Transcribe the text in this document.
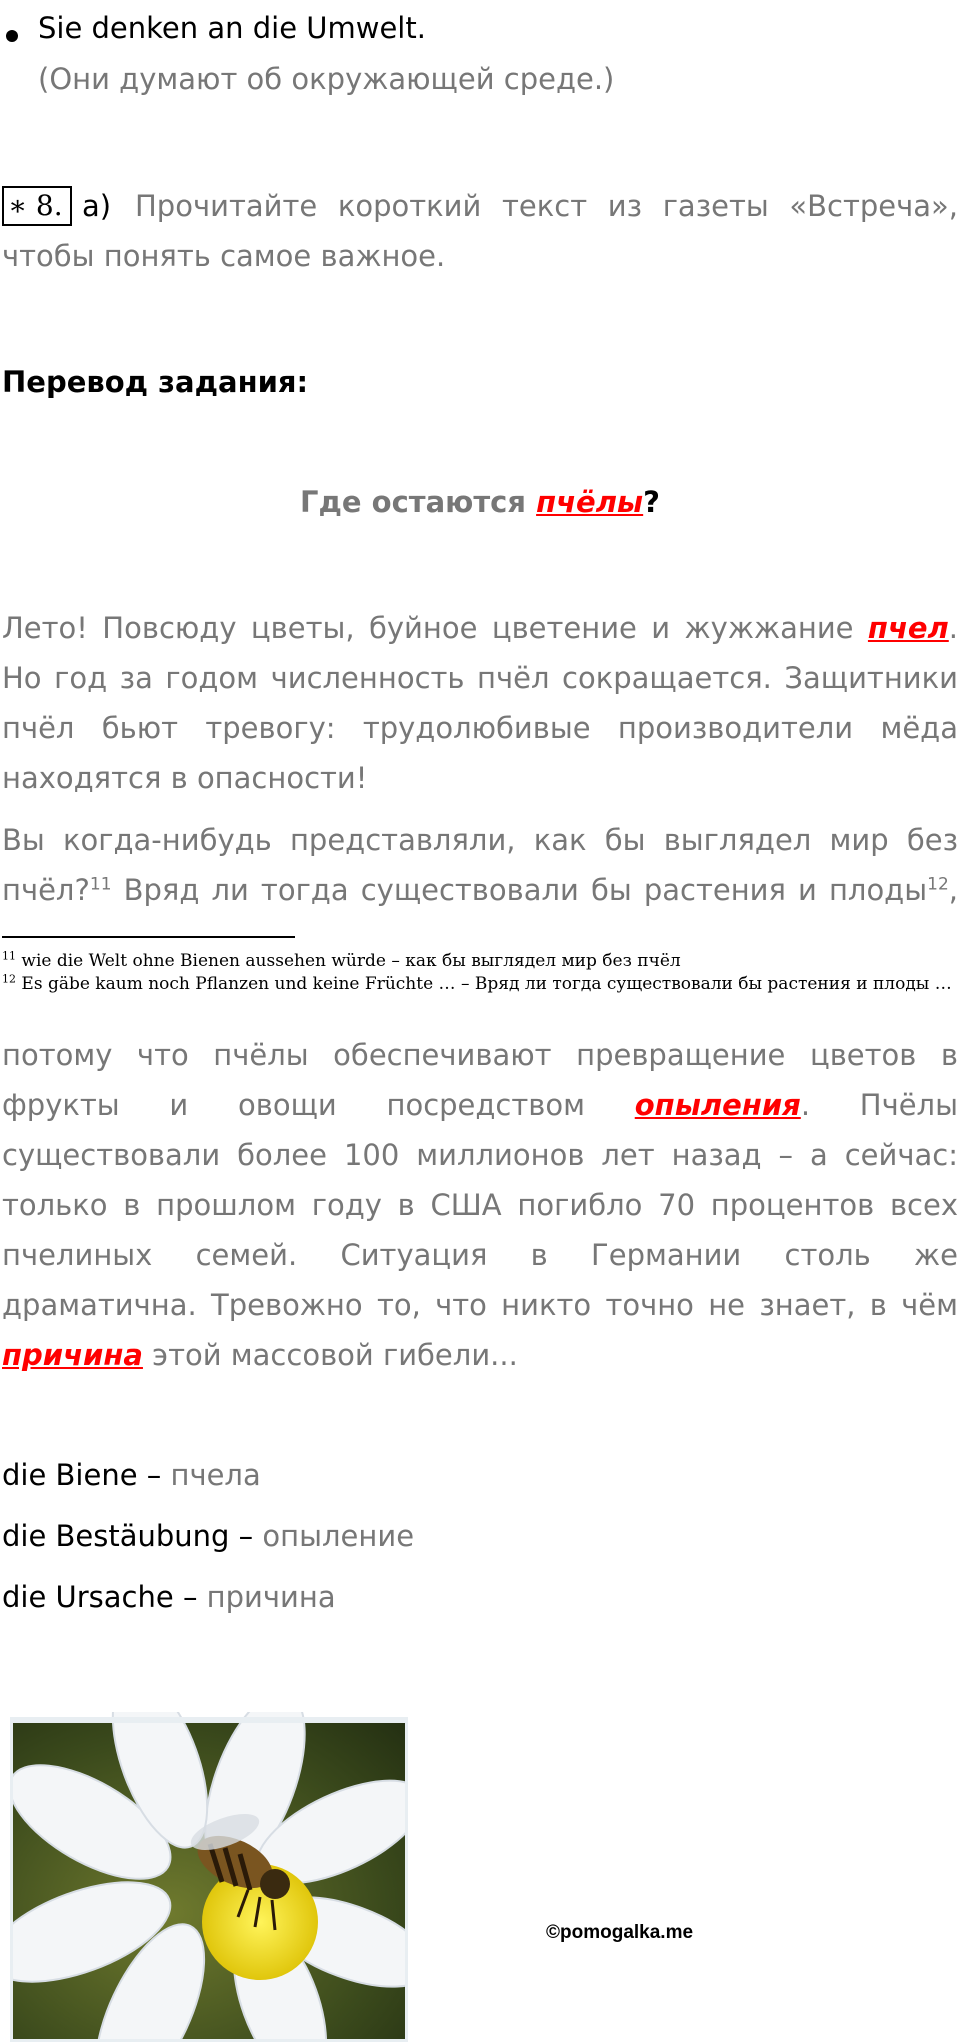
Sie denken an die Umwelt.
(Они думают об окружающей среде.)
∗ 8. a) Прочитайте короткий текст из газеты «Встреча»,
чтобы понять самое важное.
Перевод задания:
Где остаются пчёлы?
Лето! Повсюду цветы, буйное цветение и жужжание пчел.
Но год за годом численность пчёл сокращается. Защитники
пчёл бьют тревогу: трудолюбивые производители мёда
находятся в опасности!
Вы когда-нибудь представляли, как бы выглядел мир без
пчёл?$^{11}$ Вряд ли тогда существовали бы растения и плоды$^{12}$,
$^{11}$ wie die Welt ohne Bienen aussehen würde – как бы выглядел мир без пчёл
$^{12}$ Es gäbe kaum noch Pflanzen und keine Früchte … – Вряд ли тогда существовали бы растения и плоды …
потому что пчёлы обеспечивают превращение цветов в
фрукты и овощи посредством опыления. Пчёлы
существовали более 100 миллионов лет назад – а сейчас:
только в прошлом году в США погибло 70 процентов всех
пчелиных семей. Ситуация в Германии столь же
драматична. Тревожно то, что никто точно не знает, в чём
причина этой массовой гибели...
die Biene – пчела
die Bestäubung – опыление
die Ursache – причина
©pomogalka.me
